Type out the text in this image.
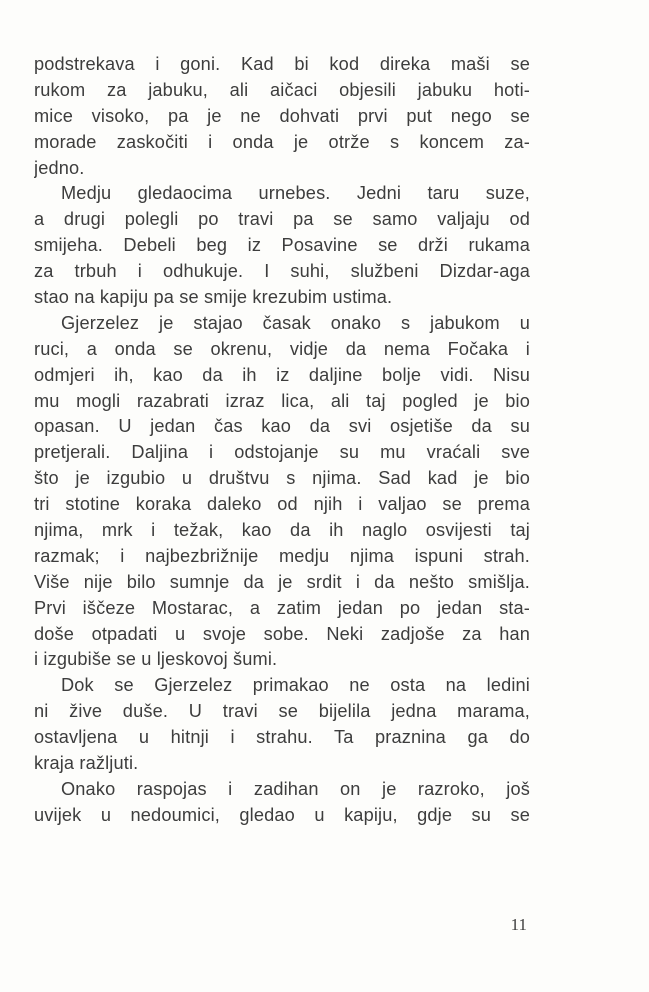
podstrekava i goni. Kad bi kod direka maši se
rukom za jabuku, ali aičaci objesili jabuku hoti-
mice visoko, pa je ne dohvati prvi put nego se
morade zaskočiti i onda je otrže s koncem za-
jedno.
Medju gledaocima urnebes. Jedni taru suze,
a drugi polegli po travi pa se samo valjaju od
smijeha. Debeli beg iz Posavine se drži rukama
za trbuh i odhukuje. I suhi, službeni Dizdar-aga
stao na kapiju pa se smije krezubim ustima.
Gjerzelez je stajao časak onako s jabukom u
ruci, a onda se okrenu, vidje da nema Fočaka i
odmjeri ih, kao da ih iz daljine bolje vidi. Nisu
mu mogli razabrati izraz lica, ali taj pogled je bio
opasan. U jedan čas kao da svi osjetiše da su
pretjerali. Daljina i odstojanje su mu vraćali sve
što je izgubio u društvu s njima. Sad kad je bio
tri stotine koraka daleko od njih i valjao se prema
njima, mrk i težak, kao da ih naglo osvijesti taj
razmak; i najbezbrižnije medju njima ispuni strah.
Više nije bilo sumnje da je srdit i da nešto smišlja.
Prvi iščeze Mostarac, a zatim jedan po jedan sta-
doše otpadati u svoje sobe. Neki zadjoše za han
i izgubiše se u ljeskovoj šumi.
Dok se Gjerzelez primakao ne osta na ledini
ni žive duše. U travi se bijelila jedna marama,
ostavljena u hitnji i strahu. Ta praznina ga do
kraja ražljuti.
Onako raspojas i zadihan on je razroko, još
uvijek u nedoumici, gledao u kapiju, gdje su se
11
